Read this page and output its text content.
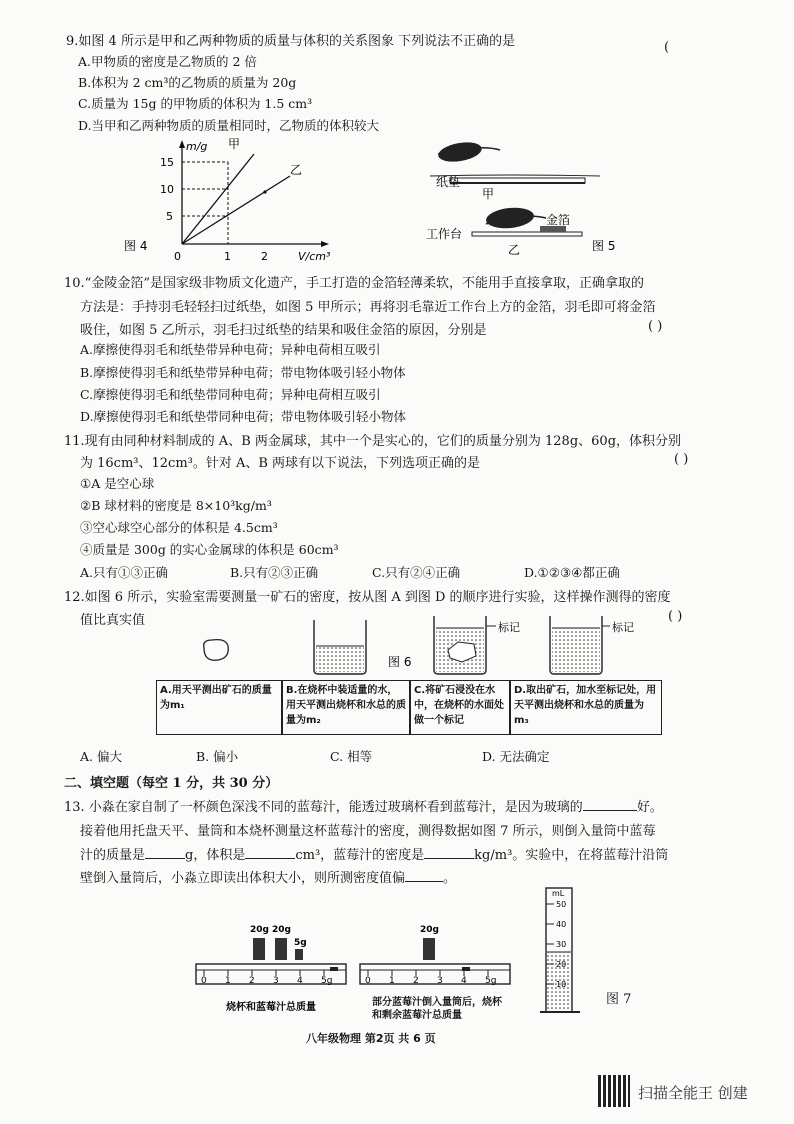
9.如图 4 所示是甲和乙两种物质的质量与体积的关系图象 下列说法不正确的是	(
A.甲物质的密度是乙物质的 2 倍
B.体积为 2 cm³的乙物质的质量为 20g
C.质量为 15g 的甲物质的体积为 1.5 cm³
D.当甲和乙两种物质的质量相同时，乙物质的体积较大
m/g
15
10
5
0	1	2	V/cm³
甲
乙
图 4
纸垫
甲
工作台
金箔
乙	图 5
10.“金陵金箔”是国家级非物质文化遗产，手工打造的金箔轻薄柔软，不能用手直接拿取，正确拿取的
方法是：手持羽毛轻轻扫过纸垫，如图 5 甲所示；再将羽毛靠近工作台上方的金箔，羽毛即可将金箔
吸住，如图 5 乙所示，羽毛扫过纸垫的结果和吸住金箔的原因，分别是	( )
A.摩擦使得羽毛和纸垫带异种电荷；异种电荷相互吸引
B.摩擦使得羽毛和纸垫带异种电荷；带电物体吸引轻小物体
C.摩擦使得羽毛和纸垫带同种电荷；异种电荷相互吸引
D.摩擦使得羽毛和纸垫带同种电荷；带电物体吸引轻小物体
11.现有由同种材料制成的 A、B 两金属球，其中一个是实心的，它们的质量分别为 128g、60g，体积分别
为 16cm³、12cm³。针对 A、B 两球有以下说法，下列选项正确的是	( )
①A 是空心球
②B 球材料的密度是 8×10³kg/m³
③空心球空心部分的体积是 4.5cm³
④质量是 300g 的实心金属球的体积是 60cm³
A.只有①③正确	B.只有②③正确	C.只有②④正确	D.①②③④都正确
12.如图 6 所示，实验室需要测量一矿石的密度，按从图 A 到图 D 的顺序进行实验，这样操作测得的密度
值比真实值	( )
标记	标记
图 6
A.用天平测出矿石的质量为m₁
B.在烧杯中装适量的水，用天平测出烧杯和水总的质量为m₂
C.将矿石浸没在水中，在烧杯的水面处做一个标记
D.取出矿石，加水至标记处，用天平测出烧杯和水总的质量为m₃
A. 偏大	B. 偏小	C. 相等	D. 无法确定
二、填空题（每空 1 分，共 30 分）
13. 小淼在家自制了一杯颜色深浅不同的蓝莓汁，能透过玻璃杯看到蓝莓汁，是因为玻璃的	好。
接着他用托盘天平、量筒和本烧杯测量这杯蓝莓汁的密度，测得数据如图 7 所示，则倒入量筒中蓝莓
汁的质量是	g，体积是	cm³，蓝莓汁的密度是	kg/m³。实验中，在将蓝莓汁沿筒
壁倒入量筒后，小淼立即读出体积大小，则所测密度值偏	。
20g 20g
5g
0 1 2 3 4 5g
烧杯和蓝莓汁总质量
20g
0 1 2 3 4 5g
部分蓝莓汁倒入量筒后，烧杯和剩余蓝莓汁总质量
mL
50
40
30
20
10
图 7
八年级物理 第2页 共 6 页
扫描全能王 创建
